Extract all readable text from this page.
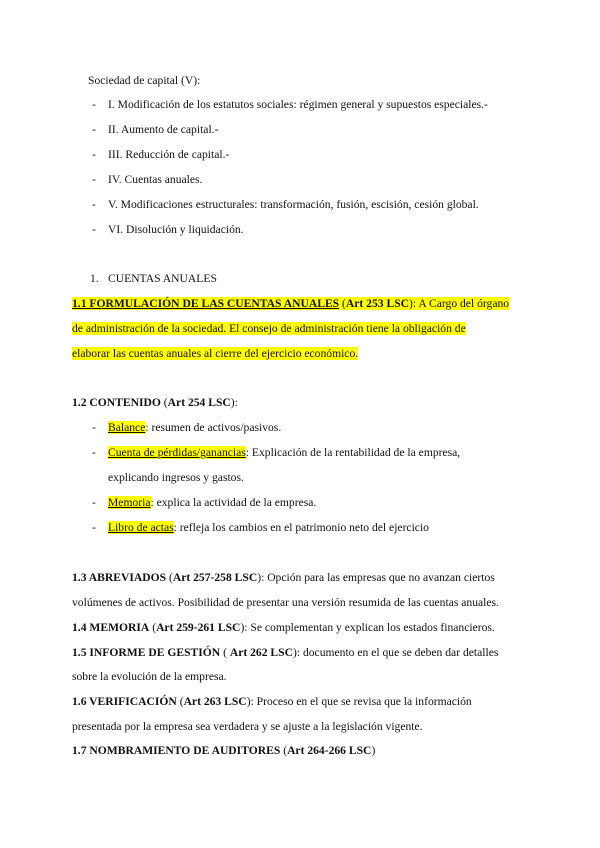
Sociedad de capital (V):
- I. Modificación de los estatutos sociales: régimen general y supuestos especiales.-
- II. Aumento de capital.-
- III. Reducción de capital.-
- IV. Cuentas anuales.
- V. Modificaciones estructurales: transformación, fusión, escisión, cesión global.
- VI. Disolución y liquidación.
1. CUENTAS ANUALES
1.1 FORMULACIÓN DE LAS CUENTAS ANUALES (Art 253 LSC): A Cargo del órgano
de administración de la sociedad. El consejo de administración tiene la obligación de
elaborar las cuentas anuales al cierre del ejercicio económico.
1.2 CONTENIDO (Art 254 LSC):
- Balance: resumen de activos/pasivos.
- Cuenta de pérdidas/ganancias: Explicación de la rentabilidad de la empresa,
explicando ingresos y gastos.
- Memoria: explica la actividad de la empresa.
- Libro de actas: refleja los cambios en el patrimonio neto del ejercicio
1.3 ABREVIADOS (Art 257-258 LSC): Opción para las empresas que no avanzan ciertos
volúmenes de activos. Posibilidad de presentar una versión resumida de las cuentas anuales.
1.4 MEMORIA (Art 259-261 LSC): Se complementan y explican los estados financieros.
1.5 INFORME DE GESTIÓN ( Art 262 LSC): documento en el que se deben dar detalles
sobre la evolución de la empresa.
1.6 VERIFICACIÓN (Art 263 LSC): Proceso en el que se revisa que la información
presentada por la empresa sea verdadera y se ajuste a la legislación vigente.
1.7 NOMBRAMIENTO DE AUDITORES (Art 264-266 LSC)
